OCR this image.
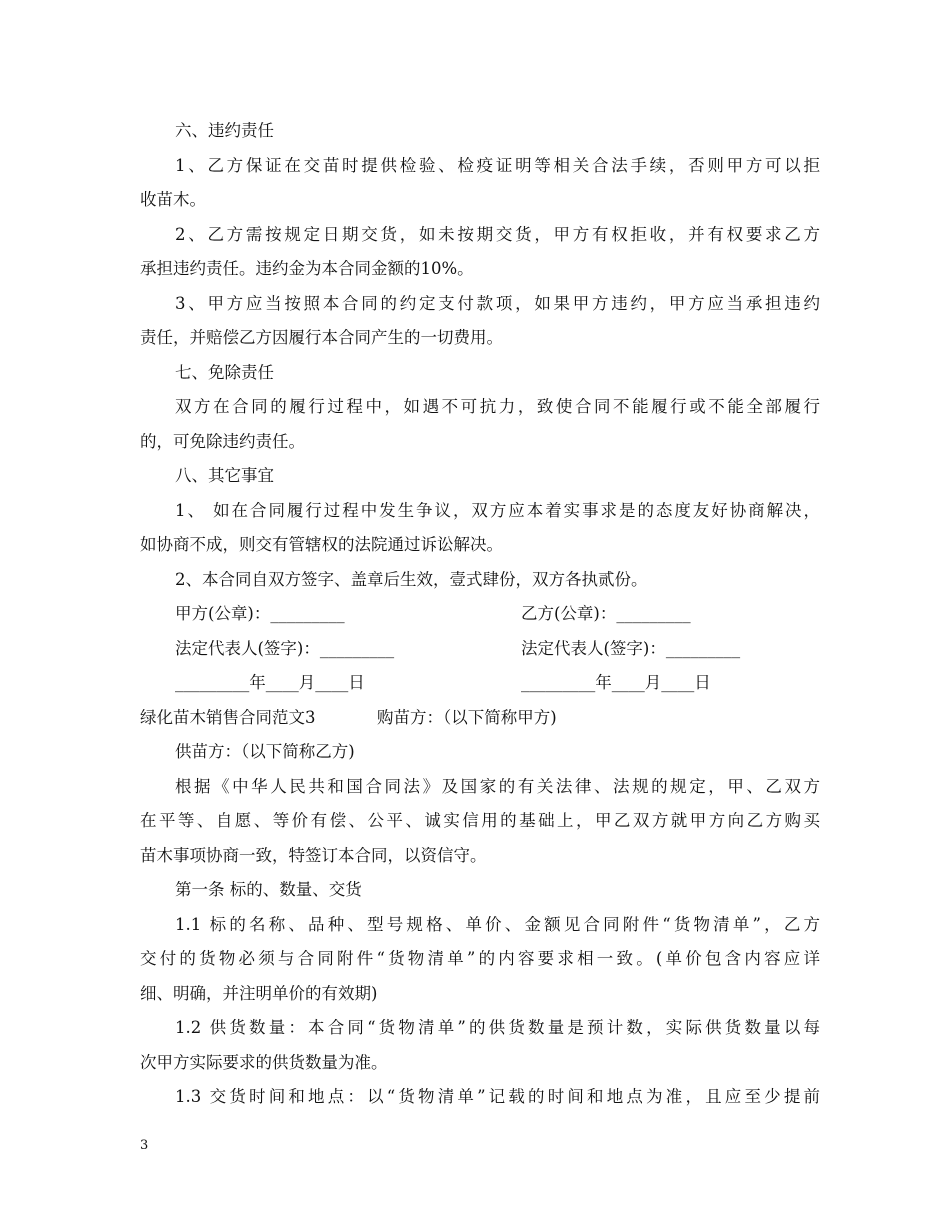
六、违约责任
1、乙方保证在交苗时提供检验、检疫证明等相关合法手续，否则甲方可以拒
收苗木。
2、乙方需按规定日期交货，如未按期交货，甲方有权拒收，并有权要求乙方
承担违约责任。违约金为本合同金额的10%。
3、甲方应当按照本合同的约定支付款项，如果甲方违约，甲方应当承担违约
责任，并赔偿乙方因履行本合同产生的一切费用。
七、免除责任
双方在合同的履行过程中，如遇不可抗力，致使合同不能履行或不能全部履行
的，可免除违约责任。
八、其它事宜
1、 如在合同履行过程中发生争议，双方应本着实事求是的态度友好协商解决，
如协商不成，则交有管辖权的法院通过诉讼解决。
2、本合同自双方签字、盖章后生效，壹式肆份，双方各执贰份。
甲方(公章)：_________	乙方(公章)：_________
法定代表人(签字)：_________	法定代表人(签字)：_________
_________年____月____日	_________年____月____日
绿化苗木销售合同范文3	购苗方：（以下简称甲方)
供苗方：（以下简称乙方)
根据《中华人民共和国合同法》及国家的有关法律、法规的规定，甲、乙双方
在平等、自愿、等价有偿、公平、诚实信用的基础上，甲乙双方就甲方向乙方购买
苗木事项协商一致，特签订本合同，以资信守。
第一条 标的、数量、交货
1.1 标的名称、品种、型号规格、单价、金额见合同附件“货物清单”，乙方
交付的货物必须与合同附件“货物清单”的内容要求相一致。(单价包含内容应详
细、明确，并注明单价的有效期)
1.2 供货数量：本合同“货物清单”的供货数量是预计数，实际供货数量以每
次甲方实际要求的供货数量为准。
1.3 交货时间和地点：以“货物清单”记载的时间和地点为准，且应至少提前
3
